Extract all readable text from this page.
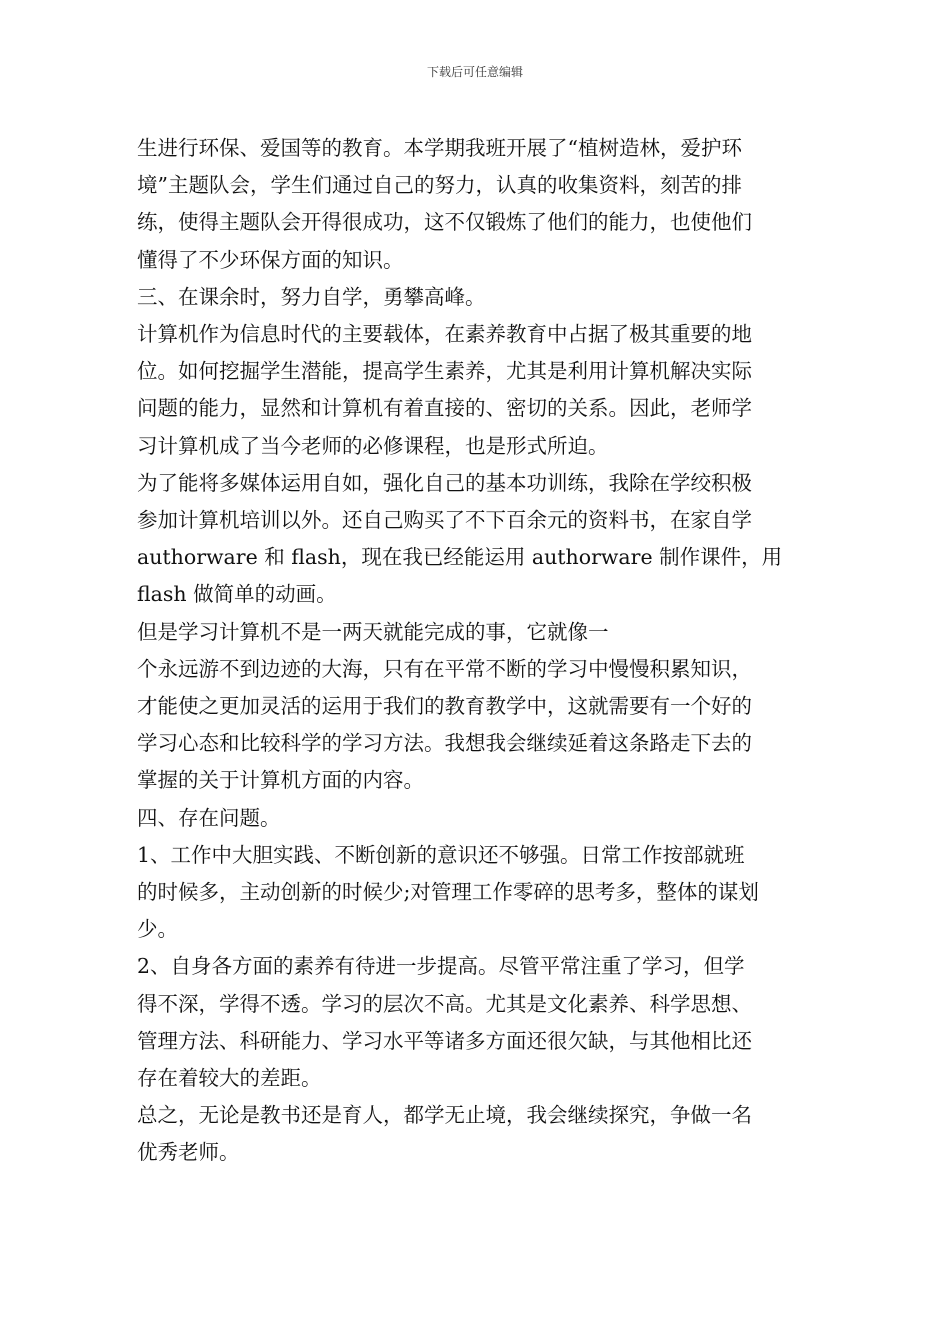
下载后可任意编辑

生进行环保、爱国等的教育。本学期我班开展了“植树造林，爱护环
境”主题队会，学生们通过自己的努力，认真的收集资料，刻苦的排
练，使得主题队会开得很成功，这不仅锻炼了他们的能力，也使他们
懂得了不少环保方面的知识。

三、在课余时，努力自学，勇攀高峰。

计算机作为信息时代的主要载体，在素养教育中占据了极其重要的地
位。如何挖掘学生潜能，提高学生素养，尤其是利用计算机解决实际
问题的能力，显然和计算机有着直接的、密切的关系。因此，老师学
习计算机成了当今老师的必修课程，也是形式所迫。

为了能将多媒体运用自如，强化自己的基本功训练，我除在学绞积极
参加计算机培训以外。还自己购买了不下百余元的资料书，在家自学
authorware 和 flash，现在我已经能运用 authorware 制作课件，用
flash 做简单的动画。

但是学习计算机不是一两天就能完成的事，它就像一

个永远游不到边迹的大海，只有在平常不断的学习中慢慢积累知识，
才能使之更加灵活的运用于我们的教育教学中，这就需要有一个好的
学习心态和比较科学的学习方法。我想我会继续延着这条路走下去的
掌握的关于计算机方面的内容。

四、存在问题。

1、工作中大胆实践、不断创新的意识还不够强。日常工作按部就班
的时候多，主动创新的时候少;对管理工作零碎的思考多，整体的谋划
少。

2、自身各方面的素养有待进一步提高。尽管平常注重了学习，但学
得不深，学得不透。学习的层次不高。尤其是文化素养、科学思想、
管理方法、科研能力、学习水平等诸多方面还很欠缺，与其他相比还
存在着较大的差距。

总之，无论是教书还是育人，都学无止境，我会继续探究，争做一名
优秀老师。
